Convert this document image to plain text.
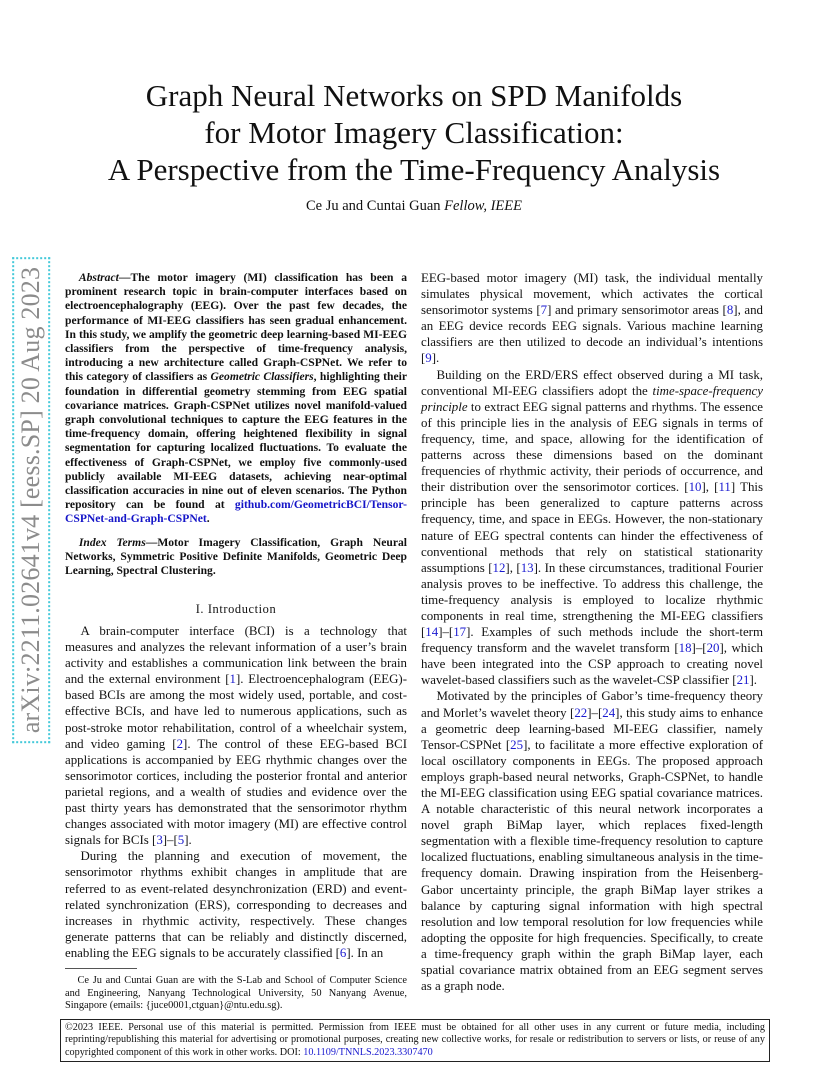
arXiv:2211.02641v4 [eess.SP] 20 Aug 2023
Graph Neural Networks on SPD Manifolds
for Motor Imagery Classification:
A Perspective from the Time-Frequency Analysis
Ce Ju and Cuntai Guan Fellow, IEEE

Abstract—The motor imagery (MI) classification has been a prominent research topic in brain-computer interfaces based on electroencephalography (EEG). Over the past few decades, the performance of MI-EEG classifiers has seen gradual enhancement. In this study, we amplify the geometric deep learning-based MI-EEG classifiers from the perspective of time-frequency analysis, introducing a new architecture called Graph-CSPNet. We refer to this category of classifiers as Geometric Classifiers, highlighting their foundation in differential geometry stemming from EEG spatial covariance matrices. Graph-CSPNet utilizes novel manifold-valued graph convolutional techniques to capture the EEG features in the time-frequency domain, offering heightened flexibility in signal segmentation for capturing localized fluctuations. To evaluate the effectiveness of Graph-CSPNet, we employ five commonly-used publicly available MI-EEG datasets, achieving near-optimal classification accuracies in nine out of eleven scenarios. The Python repository can be found at github.com/GeometricBCI/Tensor-CSPNet-and-Graph-CSPNet.

Index Terms—Motor Imagery Classification, Graph Neural Networks, Symmetric Positive Definite Manifolds, Geometric Deep Learning, Spectral Clustering.

I. Introduction

A brain-computer interface (BCI) is a technology that measures and analyzes the relevant information of a user’s brain activity and establishes a communication link between the brain and the external environment [1]. Electroencephalogram (EEG)-based BCIs are among the most widely used, portable, and cost-effective BCIs, and have led to numerous applications, such as post-stroke motor rehabilitation, control of a wheelchair system, and video gaming [2]. The control of these EEG-based BCI applications is accompanied by EEG rhythmic changes over the sensorimotor cortices, including the posterior frontal and anterior parietal regions, and a wealth of studies and evidence over the past thirty years has demonstrated that the sensorimotor rhythm changes associated with motor imagery (MI) are effective control signals for BCIs [3]–[5].

During the planning and execution of movement, the sensorimotor rhythms exhibit changes in amplitude that are referred to as event-related desynchronization (ERD) and event-related synchronization (ERS), corresponding to decreases and increases in rhythmic activity, respectively. These changes generate patterns that can be reliably and distinctly discerned, enabling the EEG signals to be accurately classified [6]. In an

Ce Ju and Cuntai Guan are with the S-Lab and School of Computer Science and Engineering, Nanyang Technological University, 50 Nanyang Avenue, Singapore (emails: {juce0001,ctguan}@ntu.edu.sg).

EEG-based motor imagery (MI) task, the individual mentally simulates physical movement, which activates the cortical sensorimotor systems [7] and primary sensorimotor areas [8], and an EEG device records EEG signals. Various machine learning classifiers are then utilized to decode an individual’s intentions [9].

Building on the ERD/ERS effect observed during a MI task, conventional MI-EEG classifiers adopt the time-space-frequency principle to extract EEG signal patterns and rhythms. The essence of this principle lies in the analysis of EEG signals in terms of frequency, time, and space, allowing for the identification of patterns across these dimensions based on the dominant frequencies of rhythmic activity, their periods of occurrence, and their distribution over the sensorimotor cortices. [10], [11] This principle has been generalized to capture patterns across frequency, time, and space in EEGs. However, the non-stationary nature of EEG spectral contents can hinder the effectiveness of conventional methods that rely on statistical stationarity assumptions [12], [13]. In these circumstances, traditional Fourier analysis proves to be ineffective. To address this challenge, the time-frequency analysis is employed to localize rhythmic components in real time, strengthening the MI-EEG classifiers [14]–[17]. Examples of such methods include the short-term frequency transform and the wavelet transform [18]–[20], which have been integrated into the CSP approach to creating novel wavelet-based classifiers such as the wavelet-CSP classifier [21].

Motivated by the principles of Gabor’s time-frequency theory and Morlet’s wavelet theory [22]–[24], this study aims to enhance a geometric deep learning-based MI-EEG classifier, namely Tensor-CSPNet [25], to facilitate a more effective exploration of local oscillatory components in EEGs. The proposed approach employs graph-based neural networks, Graph-CSPNet, to handle the MI-EEG classification using EEG spatial covariance matrices. A notable characteristic of this neural network incorporates a novel graph BiMap layer, which replaces fixed-length segmentation with a flexible time-frequency resolution to capture localized fluctuations, enabling simultaneous analysis in the time-frequency domain. Drawing inspiration from the Heisenberg-Gabor uncertainty principle, the graph BiMap layer strikes a balance by capturing signal information with high spectral resolution and low temporal resolution for low frequencies while adopting the opposite for high frequencies. Specifically, to create a time-frequency graph within the graph BiMap layer, each spatial covariance matrix obtained from an EEG segment serves as a graph node.

©2023 IEEE. Personal use of this material is permitted. Permission from IEEE must be obtained for all other uses in any current or future media, including reprinting/republishing this material for advertising or promotional purposes, creating new collective works, for resale or redistribution to servers or lists, or reuse of any copyrighted component of this work in other works. DOI: 10.1109/TNNLS.2023.3307470
